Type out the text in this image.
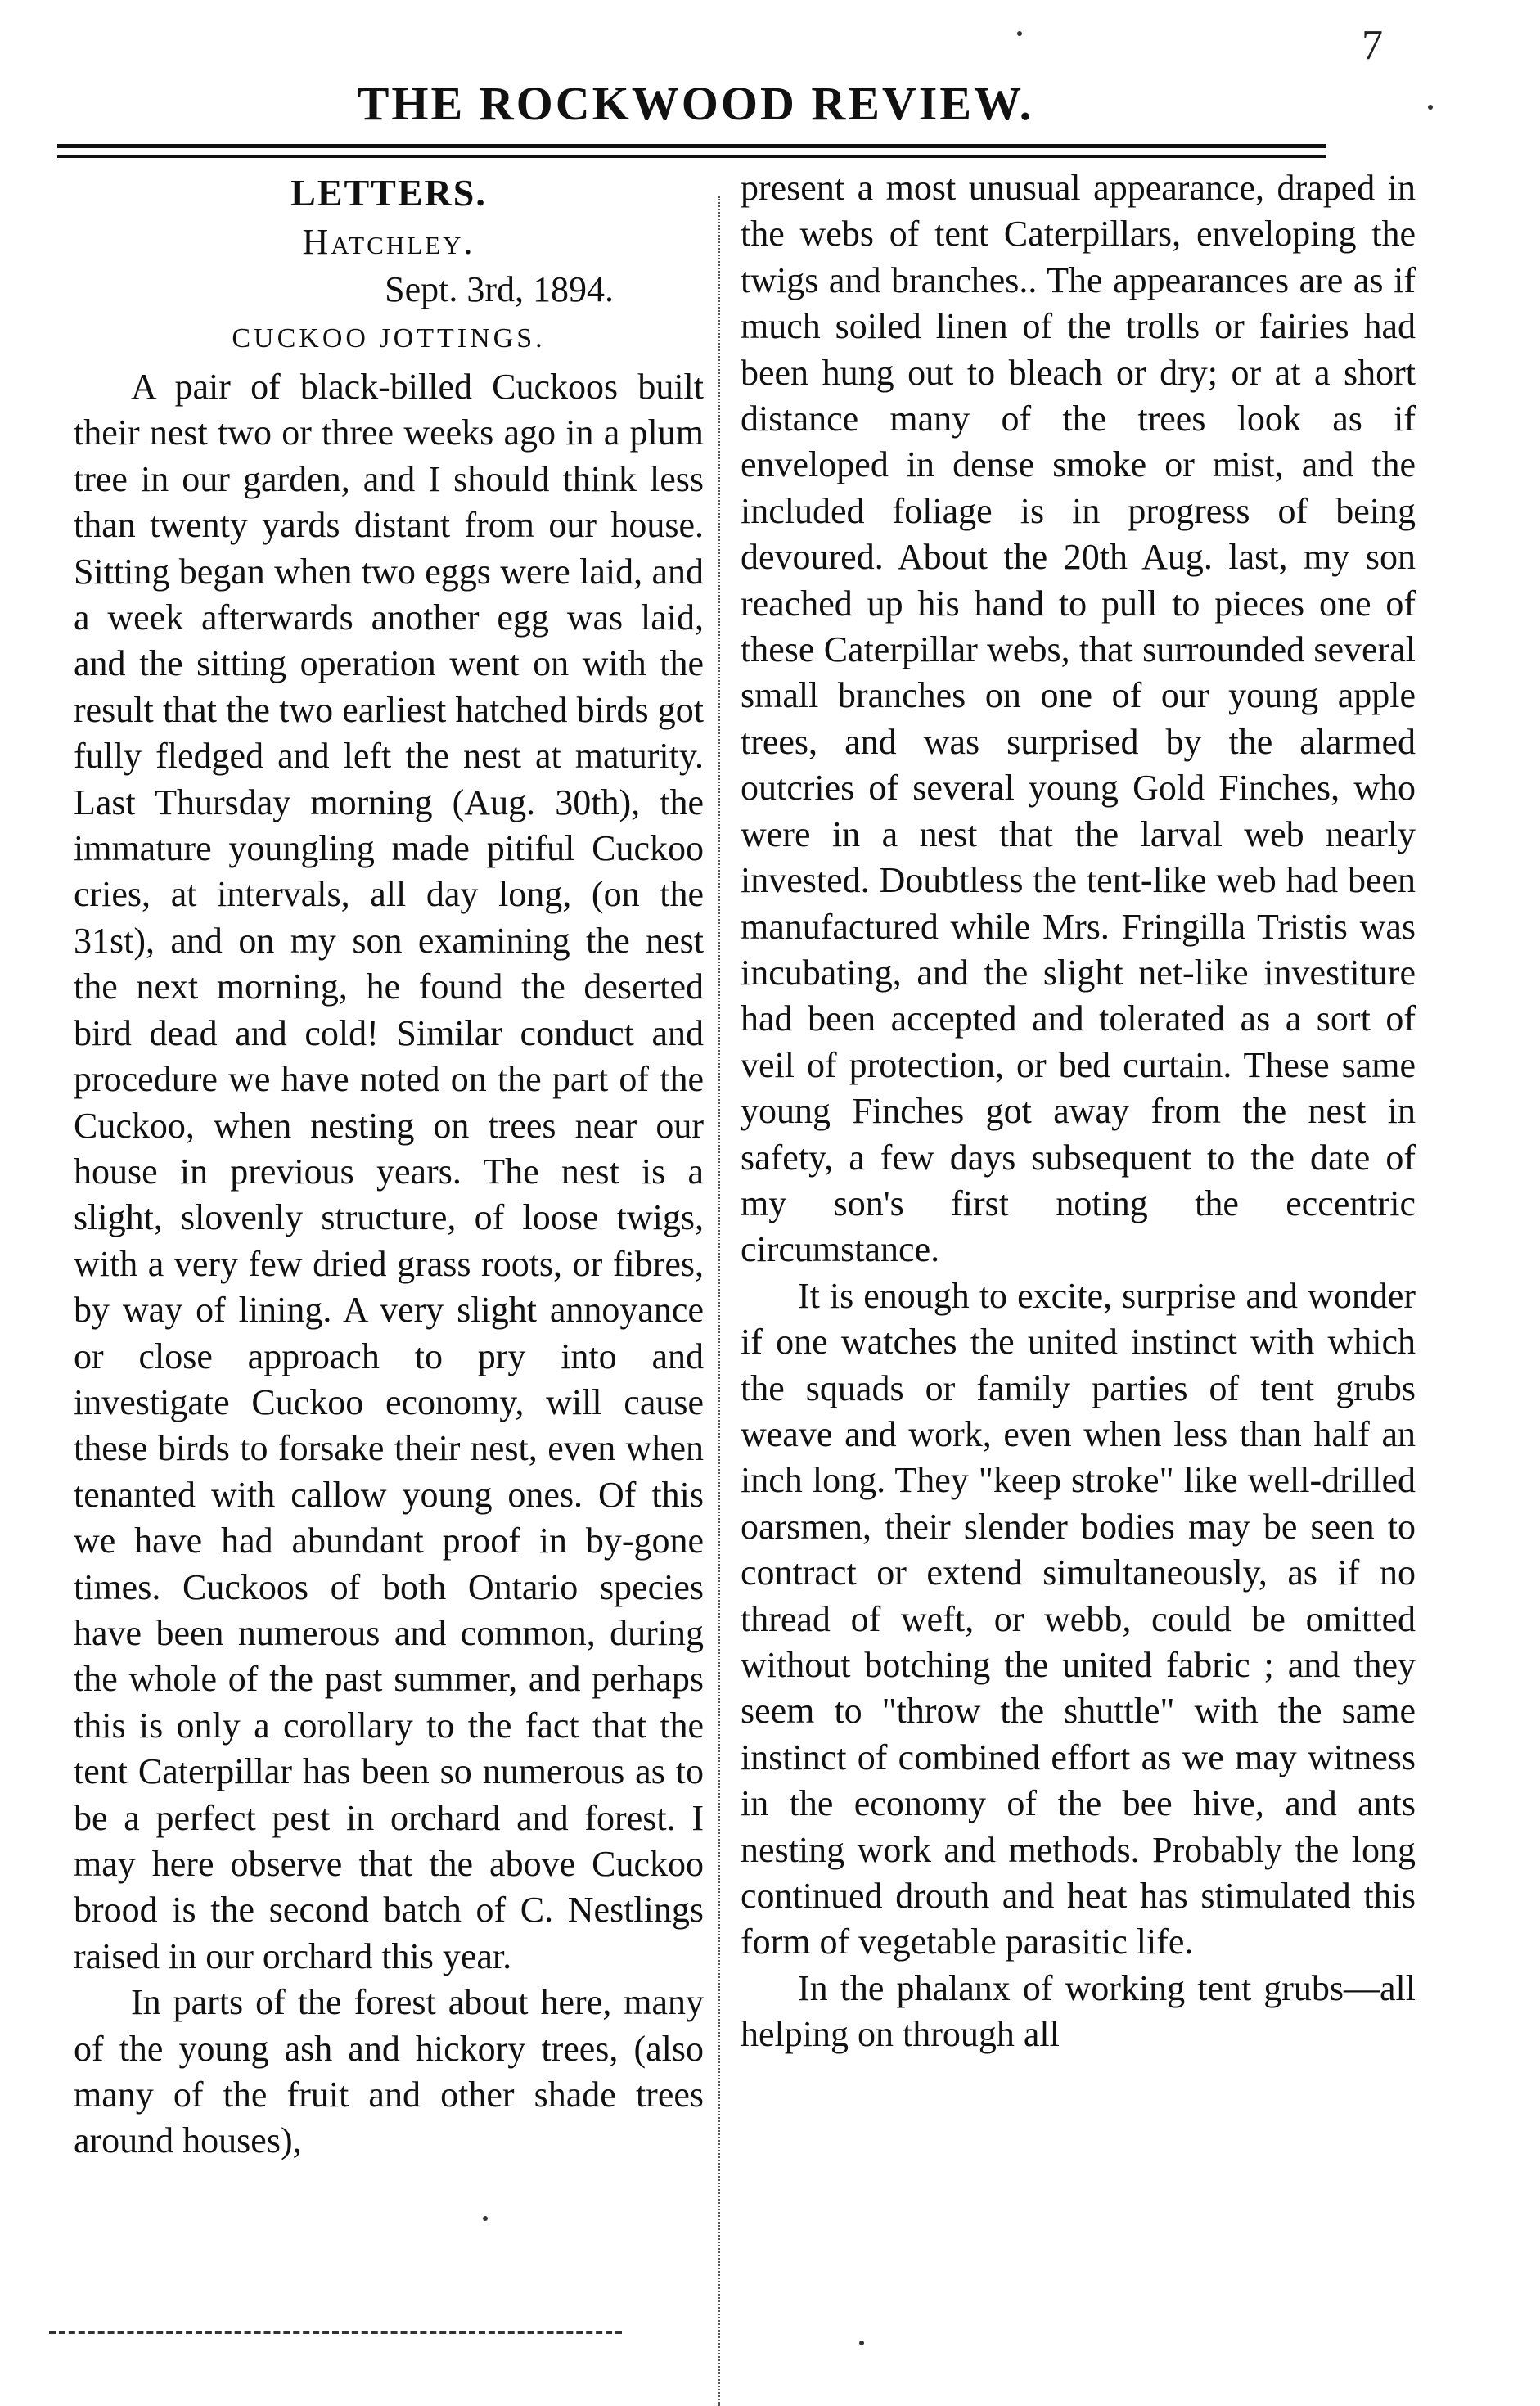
7
THE ROCKWOOD REVIEW.
LETTERS.
Hatchley.
Sept. 3rd, 1894.
CUCKOO JOTTINGS.

A pair of black-billed Cuckoos built their nest two or three weeks ago in a plum tree in our garden, and I should think less than twenty yards distant from our house. Sitting began when two eggs were laid, and a week afterwards another egg was laid, and the sitting operation went on with the result that the two earliest hatched birds got fully fledged and left the nest at maturity. Last Thursday morning (Aug. 30th), the immature youngling made pitiful Cuckoo cries, at intervals, all day long, (on the 31st), and on my son examining the nest the next morning, he found the deserted bird dead and cold! Similar conduct and procedure we have noted on the part of the Cuckoo, when nesting on trees near our house in previous years. The nest is a slight, slovenly structure, of loose twigs, with a very few dried grass roots, or fibres, by way of lining. A very slight annoyance or close approach to pry into and investigate Cuckoo economy, will cause these birds to forsake their nest, even when tenanted with callow young ones. Of this we have had abundant proof in by-gone times. Cuckoos of both Ontario species have been numerous and common, during the whole of the past summer, and perhaps this is only a corollary to the fact that the tent Caterpillar has been so numerous as to be a perfect pest in orchard and forest. I may here observe that the above Cuckoo brood is the second batch of C. Nestlings raised in our orchard this year.

In parts of the forest about here, many of the young ash and hickory trees, (also many of the fruit and other shade trees around houses),

present a most unusual appearance, draped in the webs of tent Caterpillars, enveloping the twigs and branches.. The appearances are as if much soiled linen of the trolls or fairies had been hung out to bleach or dry; or at a short distance many of the trees look as if enveloped in dense smoke or mist, and the included foliage is in progress of being devoured. About the 20th Aug. last, my son reached up his hand to pull to pieces one of these Caterpillar webs, that surrounded several small branches on one of our young apple trees, and was surprised by the alarmed outcries of several young Gold Finches, who were in a nest that the larval web nearly invested. Doubtless the tent-like web had been manufactured while Mrs. Fringilla Tristis was incubating, and the slight net-like investiture had been accepted and tolerated as a sort of veil of protection, or bed curtain. These same young Finches got away from the nest in safety, a few days subsequent to the date of my son's first noting the eccentric circumstance.

It is enough to excite, surprise and wonder if one watches the united instinct with which the squads or family parties of tent grubs weave and work, even when less than half an inch long. They "keep stroke" like well-drilled oarsmen, their slender bodies may be seen to contract or extend simultaneously, as if no thread of weft, or webb, could be omitted without botching the united fabric ; and they seem to "throw the shuttle" with the same instinct of combined effort as we may witness in the economy of the bee hive, and ants nesting work and methods. Probably the long continued drouth and heat has stimulated this form of vegetable parasitic life.

In the phalanx of working tent grubs—all helping on through all
